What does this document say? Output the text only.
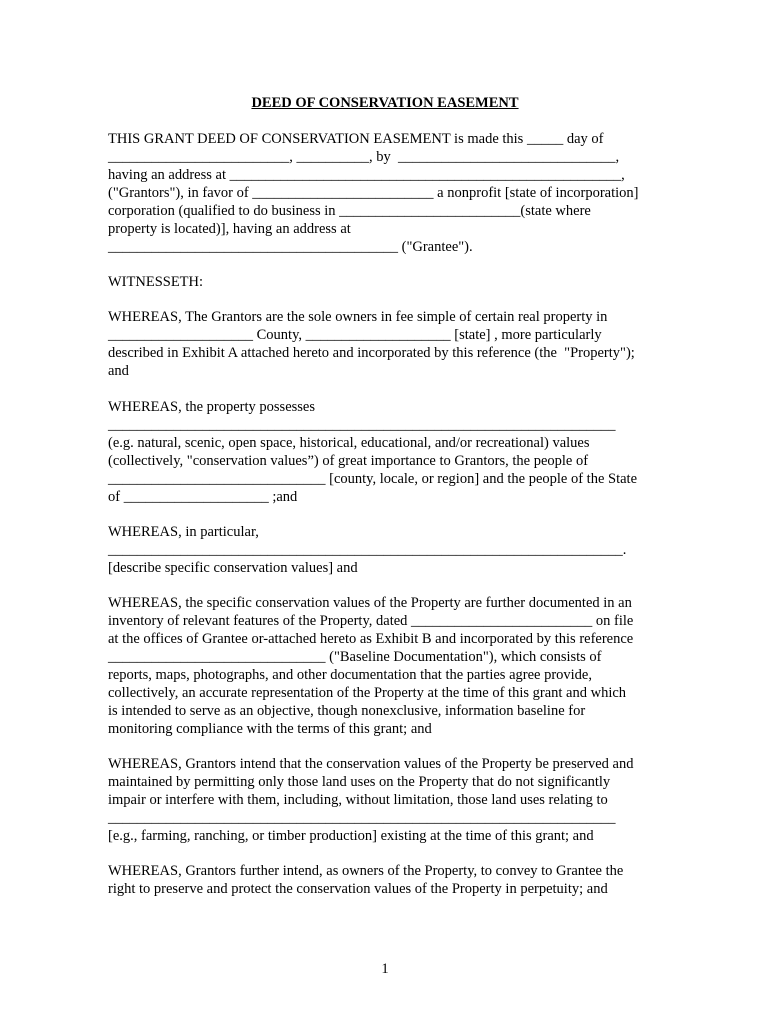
DEED OF CONSERVATION EASEMENT
THIS GRANT DEED OF CONSERVATION EASEMENT is made this _____ day of
_________________________, __________, by  ______________________________,
having an address at ______________________________________________________,
("Grantors"), in favor of _________________________ a nonprofit [state of incorporation]
corporation (qualified to do business in _________________________(state where
property is located)], having an address at
________________________________________ ("Grantee").
WITNESSETH:
WHEREAS, The Grantors are the sole owners in fee simple of certain real property in
____________________ County, ____________________ [state] , more particularly
described in Exhibit A attached hereto and incorporated by this reference (the  "Property");
and
WHEREAS, the property possesses
______________________________________________________________________
(e.g. natural, scenic, open space, historical, educational, and/or recreational) values
(collectively, "conservation values”) of great importance to Grantors, the people of
______________________________ [county, locale, or region] and the people of the State
of ____________________ ;and
WHEREAS, in particular,
_______________________________________________________________________.
[describe specific conservation values] and
WHEREAS, the specific conservation values of the Property are further documented in an
inventory of relevant features of the Property, dated _________________________ on file
at the offices of Grantee or-attached hereto as Exhibit B and incorporated by this reference
______________________________ ("Baseline Documentation"), which consists of
reports, maps, photographs, and other documentation that the parties agree provide,
collectively, an accurate representation of the Property at the time of this grant and which
is intended to serve as an objective, though nonexclusive, information baseline for
monitoring compliance with the terms of this grant; and
WHEREAS, Grantors intend that the conservation values of the Property be preserved and
maintained by permitting only those land uses on the Property that do not significantly
impair or interfere with them, including, without limitation, those land uses relating to
______________________________________________________________________
[e.g., farming, ranching, or timber production] existing at the time of this grant; and
WHEREAS, Grantors further intend, as owners of the Property, to convey to Grantee the
right to preserve and protect the conservation values of the Property in perpetuity; and
1
